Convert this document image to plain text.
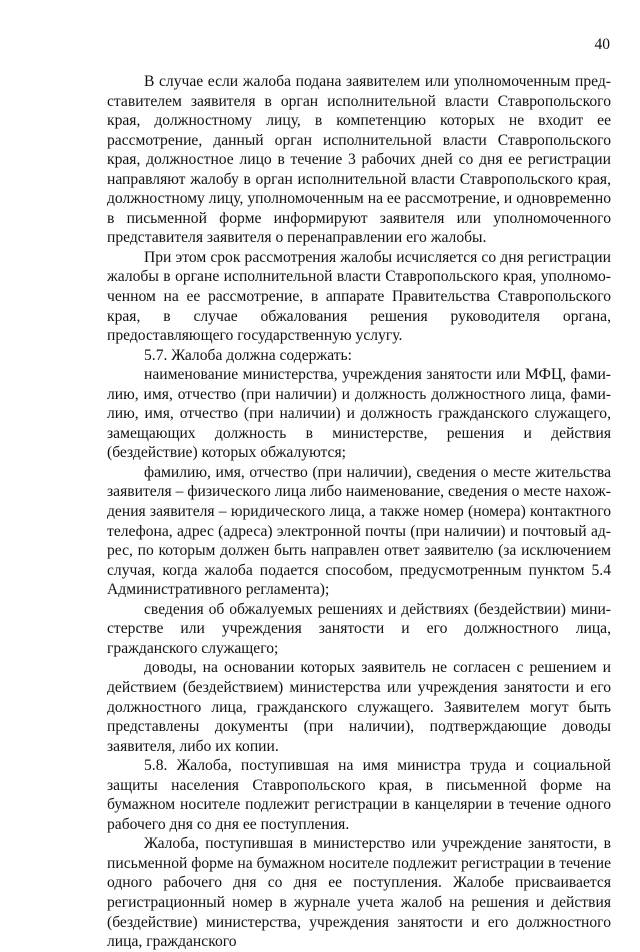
40

В случае если жалоба подана заявителем или уполномоченным представителем заявителя в орган исполнительной власти Ставропольского края, должностному лицу, в компетенцию которых не входит ее рассмотрение, данный орган исполнительной власти Ставропольского края, должностное лицо в течение 3 рабочих дней со дня ее регистрации направляют жалобу в орган исполнительной власти Ставропольского края, должностному лицу, уполномоченным на ее рассмотрение, и одновременно в письменной форме информируют заявителя или уполномоченного представителя заявителя о перенаправлении его жалобы.

При этом срок рассмотрения жалобы исчисляется со дня регистрации жалобы в органе исполнительной власти Ставропольского края, уполномоченном на ее рассмотрение, в аппарате Правительства Ставропольского края, в случае обжалования решения руководителя органа, предоставляющего государственную услугу.

5.7. Жалоба должна содержать:

наименование министерства, учреждения занятости или МФЦ, фамилию, имя, отчество (при наличии) и должность должностного лица, фамилию, имя, отчество (при наличии) и должность гражданского служащего, замещающих должность в министерстве, решения и действия (бездействие) которых обжалуются;

фамилию, имя, отчество (при наличии), сведения о месте жительства заявителя – физического лица либо наименование, сведения о месте нахождения заявителя – юридического лица, а также номер (номера) контактного телефона, адрес (адреса) электронной почты (при наличии) и почтовый адрес, по которым должен быть направлен ответ заявителю (за исключением случая, когда жалоба подается способом, предусмотренным пунктом 5.4 Административного регламента);

сведения об обжалуемых решениях и действиях (бездействии) министерстве или учреждения занятости и его должностного лица, гражданского служащего;

доводы, на основании которых заявитель не согласен с решением и действием (бездействием) министерства или учреждения занятости и его должностного лица, гражданского служащего. Заявителем могут быть представлены документы (при наличии), подтверждающие доводы заявителя, либо их копии.

5.8. Жалоба, поступившая на имя министра труда и социальной защиты населения Ставропольского края, в письменной форме на бумажном носителе подлежит регистрации в канцелярии в течение одного рабочего дня со дня ее поступления.

Жалоба, поступившая в министерство или учреждение занятости, в письменной форме на бумажном носителе подлежит регистрации в течение одного рабочего дня со дня ее поступления. Жалобе присваивается регистрационный номер в журнале учета жалоб на решения и действия (бездействие) министерства, учреждения занятости и его должностного лица, гражданского
